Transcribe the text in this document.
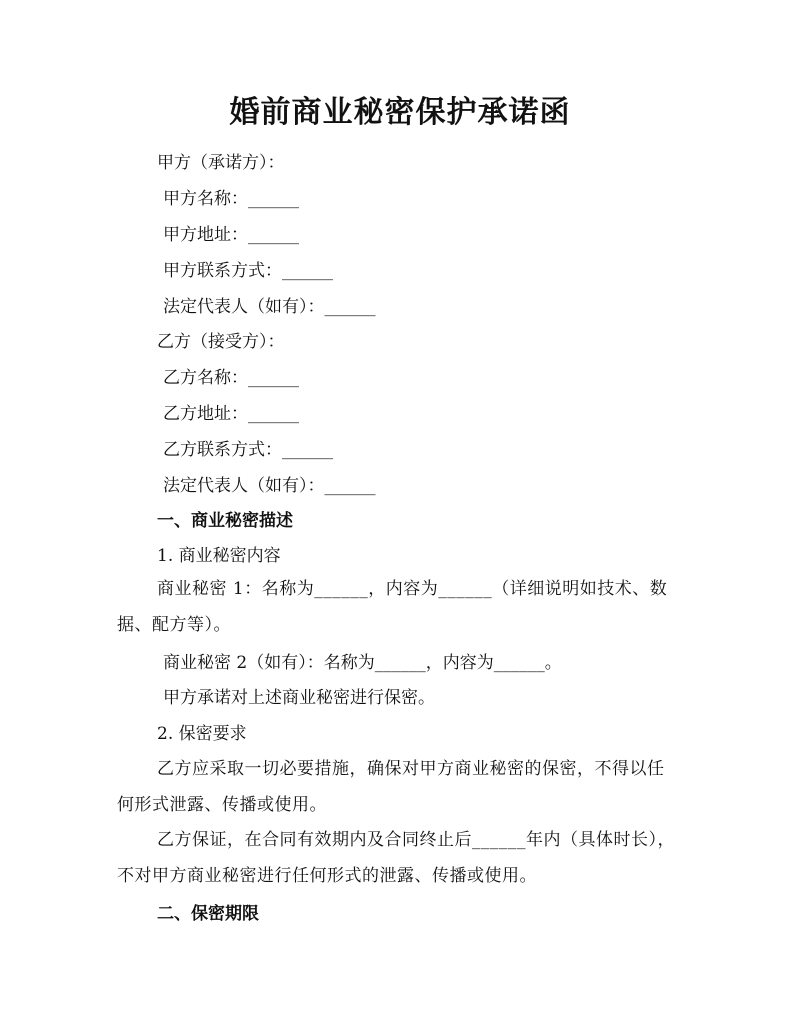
婚前商业秘密保护承诺函
甲方（承诺方）：
甲方名称：______
甲方地址：______
甲方联系方式：______
法定代表人（如有）：______
乙方（接受方）：
乙方名称：______
乙方地址：______
乙方联系方式：______
法定代表人（如有）：______
一、商业秘密描述
1. 商业秘密内容
商业秘密 1：名称为______，内容为______（详细说明如技术、数据、配方等）。
商业秘密 2（如有）：名称为______，内容为______。
甲方承诺对上述商业秘密进行保密。
2. 保密要求
乙方应采取一切必要措施，确保对甲方商业秘密的保密，不得以任何形式泄露、传播或使用。
乙方保证，在合同有效期内及合同终止后______年内（具体时长），不对甲方商业秘密进行任何形式的泄露、传播或使用。
二、保密期限
